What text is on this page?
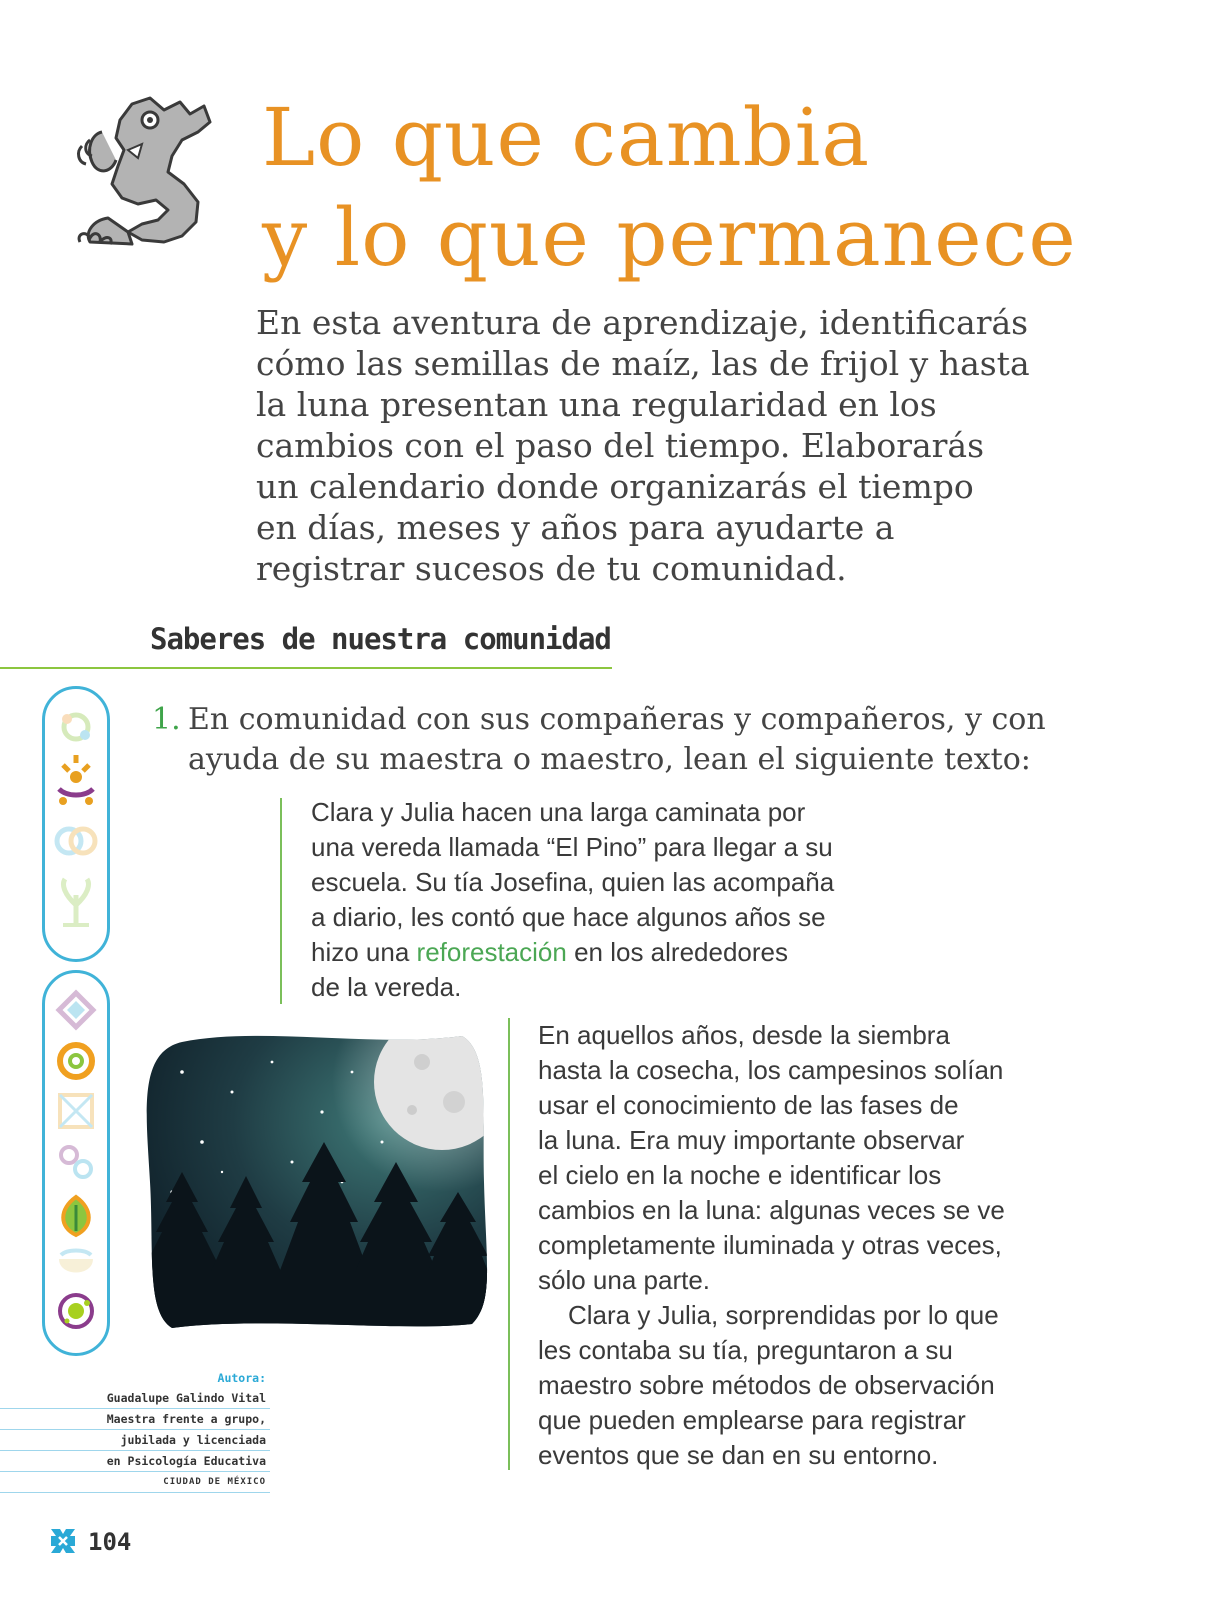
Lo que cambia
y lo que permanece
En esta aventura de aprendizaje, identificarás
cómo las semillas de maíz, las de frijol y hasta
la luna presentan una regularidad en los
cambios con el paso del tiempo. Elaborarás
un calendario donde organizarás el tiempo
en días, meses y años para ayudarte a
registrar sucesos de tu comunidad.
Saberes de nuestra comunidad
1. En comunidad con sus compañeras y compañeros, y con
ayuda de su maestra o maestro, lean el siguiente texto:
Clara y Julia hacen una larga caminata por
una vereda llamada “El Pino” para llegar a su
escuela. Su tía Josefina, quien las acompaña
a diario, les contó que hace algunos años se
hizo una reforestación en los alrededores
de la vereda.
En aquellos años, desde la siembra
hasta la cosecha, los campesinos solían
usar el conocimiento de las fases de
la luna. Era muy importante observar
el cielo en la noche e identificar los
cambios en la luna: algunas veces se ve
completamente iluminada y otras veces,
sólo una parte.
Clara y Julia, sorprendidas por lo que
les contaba su tía, preguntaron a su
maestro sobre métodos de observación
que pueden emplearse para registrar
eventos que se dan en su entorno.
Autora:
Guadalupe Galindo Vital
Maestra frente a grupo,
jubilada y licenciada
en Psicología Educativa
CIUDAD DE MÉXICO
104
